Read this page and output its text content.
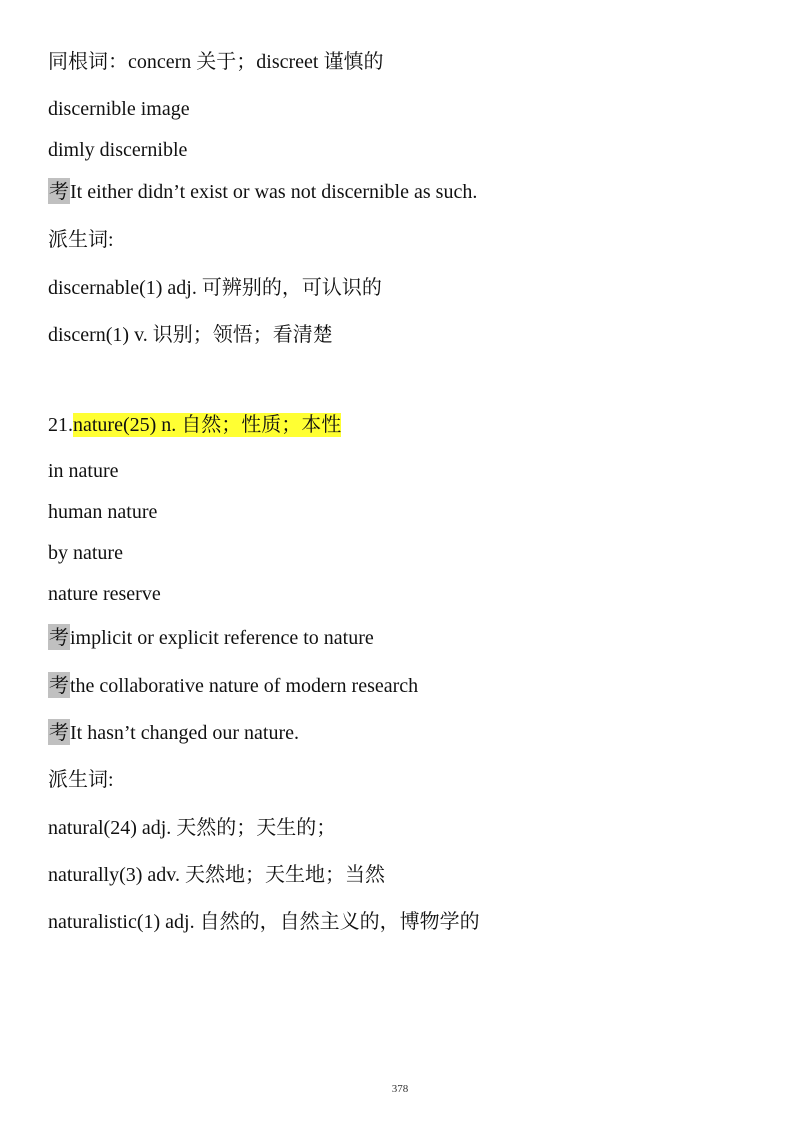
同根词：concern 关于；discreet 谨慎的
discernible image
dimly discernible
考It either didn’t exist or was not discernible as such.
派生词:
discernable(1) adj. 可辨别的，可认识的
discern(1) v. 识别；领悟；看清楚
21.nature(25) n. 自然；性质；本性
in nature
human nature
by nature
nature reserve
考implicit or explicit reference to nature
考the collaborative nature of modern research
考It hasn’t changed our nature.
派生词:
natural(24) adj. 天然的；天生的；
naturally(3) adv. 天然地；天生地；当然
naturalistic(1) adj. 自然的，自然主义的，博物学的
378
